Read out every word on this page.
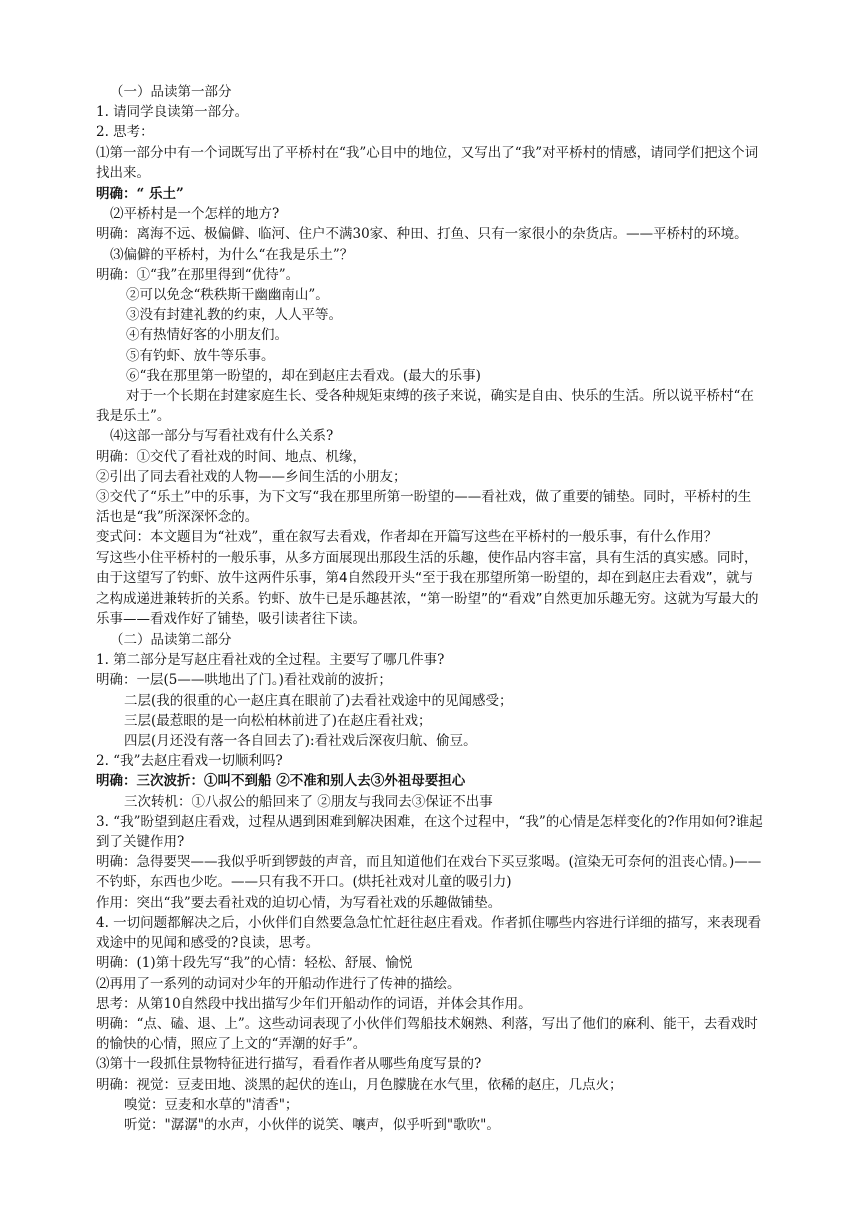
（一）品读第一部分
1. 请同学良读第一部分。
2. 思考：
⑴第一部分中有一个词既写出了平桥村在“我”心目中的地位，又写出了“我”对平桥村的情感，请同学们把这个词找出来。
明确：“ 乐土”
⑵平桥村是一个怎样的地方?
明确：离海不远、极偏僻、临河、住户不满30家、种田、打鱼、只有一家很小的杂货店。——平桥村的环境。
⑶偏僻的平桥村，为什么“在我是乐土”？
明确：①“我”在那里得到“优待”。
②可以免念“秩秩斯干幽幽南山”。
③没有封建礼教的约束，人人平等。
④有热情好客的小朋友们。
⑤有钓虾、放牛等乐事。
⑥“我在那里第一盼望的，却在到赵庄去看戏。(最大的乐事)
对于一个长期在封建家庭生长、受各种规矩束缚的孩子来说，确实是自由、快乐的生活。所以说平桥村“在我是乐土”。
⑷这部一部分与写看社戏有什么关系?
明确：①交代了看社戏的时间、地点、机缘，
②引出了同去看社戏的人物——乡间生活的小朋友；
③交代了“乐土”中的乐事，为下文写“我在那里所第一盼望的——看社戏，做了重要的铺垫。同时，平桥村的生活也是“我”所深深怀念的。
变式问：本文题目为“社戏”，重在叙写去看戏，作者却在开篇写这些在平桥村的一般乐事，有什么作用？
写这些小住平桥村的一般乐事，从多方面展现出那段生活的乐趣，使作品内容丰富，具有生活的真实感。同时，由于这望写了钓虾、放牛这两件乐事，第4自然段开头“至于我在那望所第一盼望的，却在到赵庄去看戏”，就与之构成递进兼转折的关系。钓虾、放牛已是乐趣甚浓，“第一盼望”的“看戏”自然更加乐趣无穷。这就为写最大的乐事——看戏作好了铺垫，吸引读者往下读。
（二）品读第二部分
1. 第二部分是写赵庄看社戏的全过程。主要写了哪几件事?
明确：一层(5——哄地出了门。)看社戏前的波折；
二层(我的很重的心一赵庄真在眼前了)去看社戏途中的见闻感受；
三层(最惹眼的是一向松柏林前进了)在赵庄看社戏；
四层(月还没有落一各自回去了):看社戏后深夜归航、偷豆。
2. “我”去赵庄看戏一切顺利吗?
明确：三次波折：①叫不到船 ②不准和别人去③外祖母要担心
三次转机：①八叔公的船回来了 ②朋友与我同去③保证不出事
3. “我”盼望到赵庄看戏，过程从遇到困难到解决困难，在这个过程中，“我”的心情是怎样变化的?作用如何?谁起到了关键作用?
明确：急得要哭——我似乎听到锣鼓的声音，而且知道他们在戏台下买豆浆喝。(渲染无可奈何的沮丧心情。)——不钓虾，东西也少吃。——只有我不开口。(烘托社戏对儿童的吸引力)
作用：突出“我”要去看社戏的迫切心情，为写看社戏的乐趣做铺垫。
4. 一切问题都解决之后，小伙伴们自然要急急忙忙赶往赵庄看戏。作者抓住哪些内容进行详细的描写，来表现看戏途中的见闻和感受的?良读，思考。
明确：(1)第十段先写“我”的心情：轻松、舒展、愉悦
⑵再用了一系列的动词对少年的开船动作进行了传神的描绘。
思考：从第10自然段中找出描写少年们开船动作的词语，并体会其作用。
明确：“点、磕、退、上”。这些动词表现了小伙伴们驾船技术娴熟、利落，写出了他们的麻利、能干，去看戏时的愉快的心情，照应了上文的“弄潮的好手”。
⑶第十一段抓住景物特征进行描写，看看作者从哪些角度写景的?
明确：视觉：豆麦田地、淡黑的起伏的连山，月色朦胧在水气里，依稀的赵庄，几点火；
嗅觉：豆麦和水草的"清香"；
听觉："潺潺"的水声，小伙伴的说笑、嚷声，似乎听到"歌吹"。
